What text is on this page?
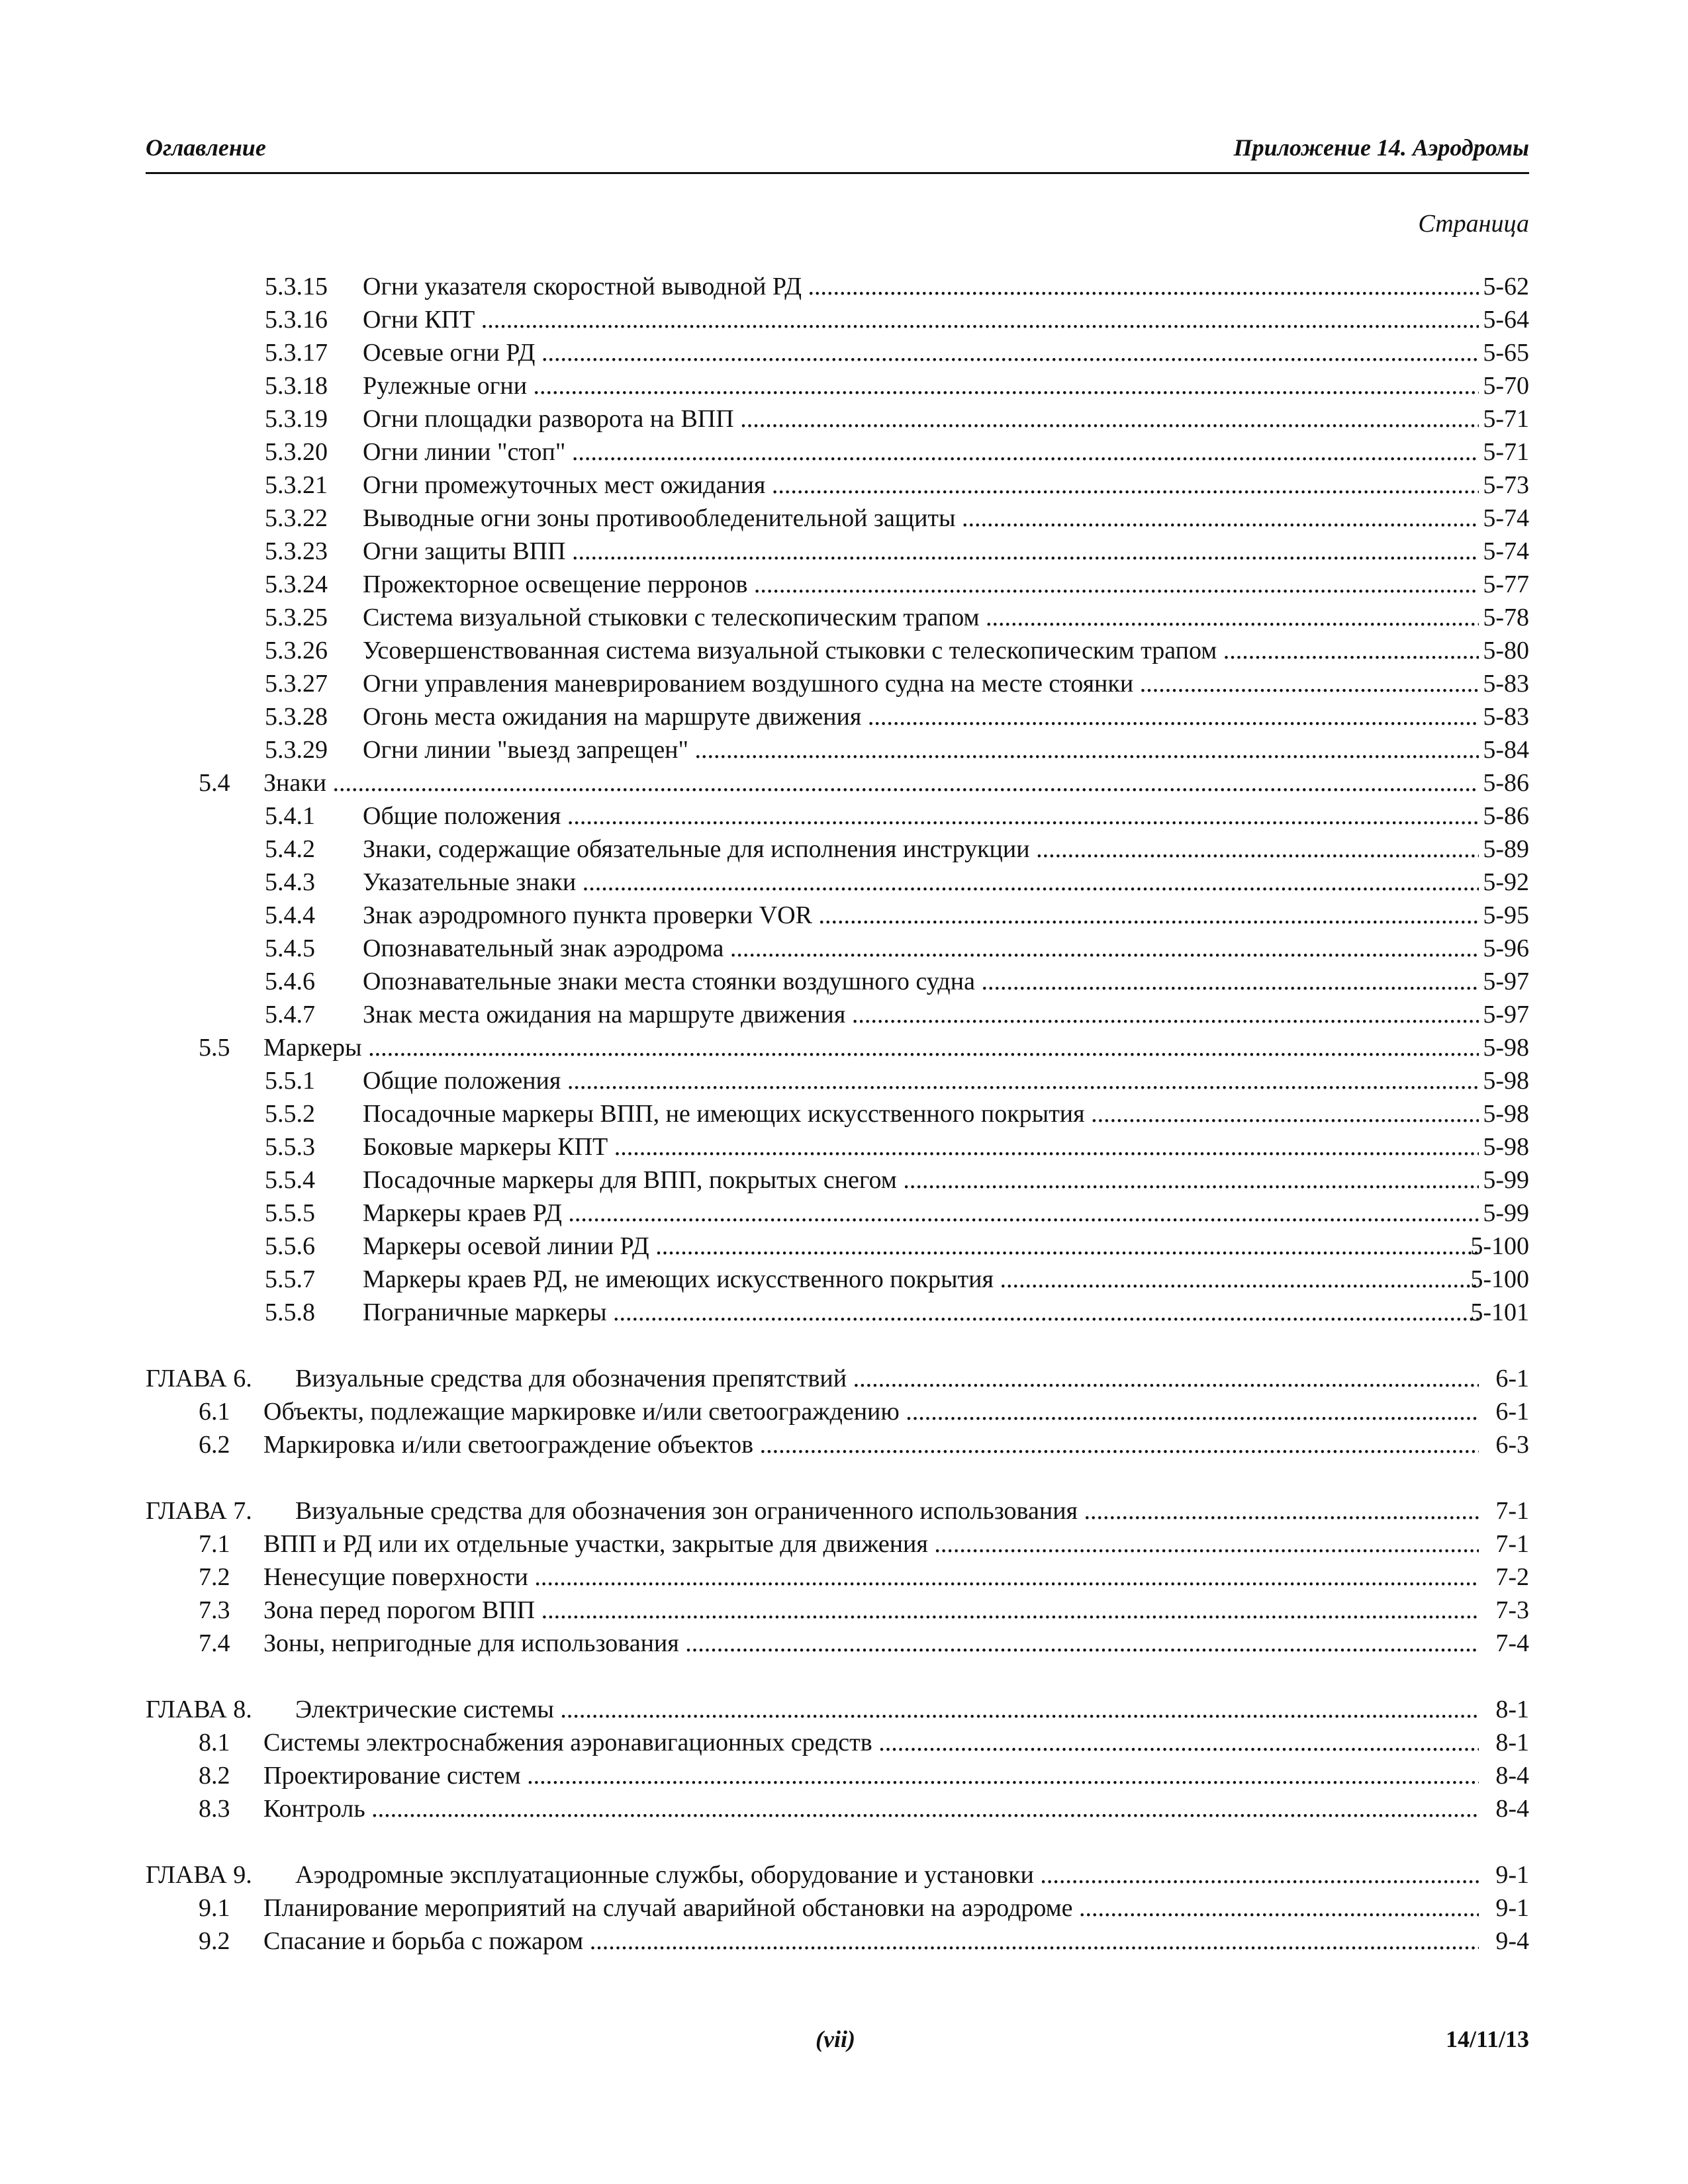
Оглавление	Приложение 14. Аэродромы
Страница
5.3.15 Огни указателя скоростной выводной РД .....	5-62
5.3.16 Огни КПТ .....	5-64
5.3.17 Осевые огни РД .....	5-65
5.3.18 Рулежные огни .....	5-70
5.3.19 Огни площадки разворота на ВПП .....	5-71
5.3.20 Огни линии "стоп" .....	5-71
5.3.21 Огни промежуточных мест ожидания .....	5-73
5.3.22 Выводные огни зоны противообледенительной защиты .....	5-74
5.3.23 Огни защиты ВПП .....	5-74
5.3.24 Прожекторное освещение перронов .....	5-77
5.3.25 Система визуальной стыковки с телескопическим трапом .....	5-78
5.3.26 Усовершенствованная система визуальной стыковки с телескопическим трапом .....	5-80
5.3.27 Огни управления маневрированием воздушного судна на месте стоянки .....	5-83
5.3.28 Огонь места ожидания на маршруте движения .....	5-83
5.3.29 Огни линии "выезд запрещен" .....	5-84
5.4 Знаки .....	5-86
5.4.1 Общие положения .....	5-86
5.4.2 Знаки, содержащие обязательные для исполнения инструкции .....	5-89
5.4.3 Указательные знаки .....	5-92
5.4.4 Знак аэродромного пункта проверки VOR .....	5-95
5.4.5 Опознавательный знак аэродрома .....	5-96
5.4.6 Опознавательные знаки места стоянки воздушного судна .....	5-97
5.4.7 Знак места ожидания на маршруте движения .....	5-97
5.5 Маркеры .....	5-98
5.5.1 Общие положения .....	5-98
5.5.2 Посадочные маркеры ВПП, не имеющих искусственного покрытия .....	5-98
5.5.3 Боковые маркеры КПТ .....	5-98
5.5.4 Посадочные маркеры для ВПП, покрытых снегом .....	5-99
5.5.5 Маркеры краев РД .....	5-99
5.5.6 Маркеры осевой линии РД .....	5-100
5.5.7 Маркеры краев РД, не имеющих искусственного покрытия .....	5-100
5.5.8 Пограничные маркеры .....	5-101
ГЛАВА 6. Визуальные средства для обозначения препятствий .....	6-1
6.1 Объекты, подлежащие маркировке и/или светоограждению .....	6-1
6.2 Маркировка и/или светоограждение объектов .....	6-3
ГЛАВА 7. Визуальные средства для обозначения зон ограниченного использования .....	7-1
7.1 ВПП и РД или их отдельные участки, закрытые для движения .....	7-1
7.2 Ненесущие поверхности .....	7-2
7.3 Зона перед порогом ВПП .....	7-3
7.4 Зоны, непригодные для использования .....	7-4
ГЛАВА 8. Электрические системы .....	8-1
8.1 Системы электроснабжения аэронавигационных средств .....	8-1
8.2 Проектирование систем .....	8-4
8.3 Контроль .....	8-4
ГЛАВА 9. Аэродромные эксплуатационные службы, оборудование и установки .....	9-1
9.1 Планирование мероприятий на случай аварийной обстановки на аэродроме .....	9-1
9.2 Спасание и борьба с пожаром .....	9-4
(vii)	14/11/13
